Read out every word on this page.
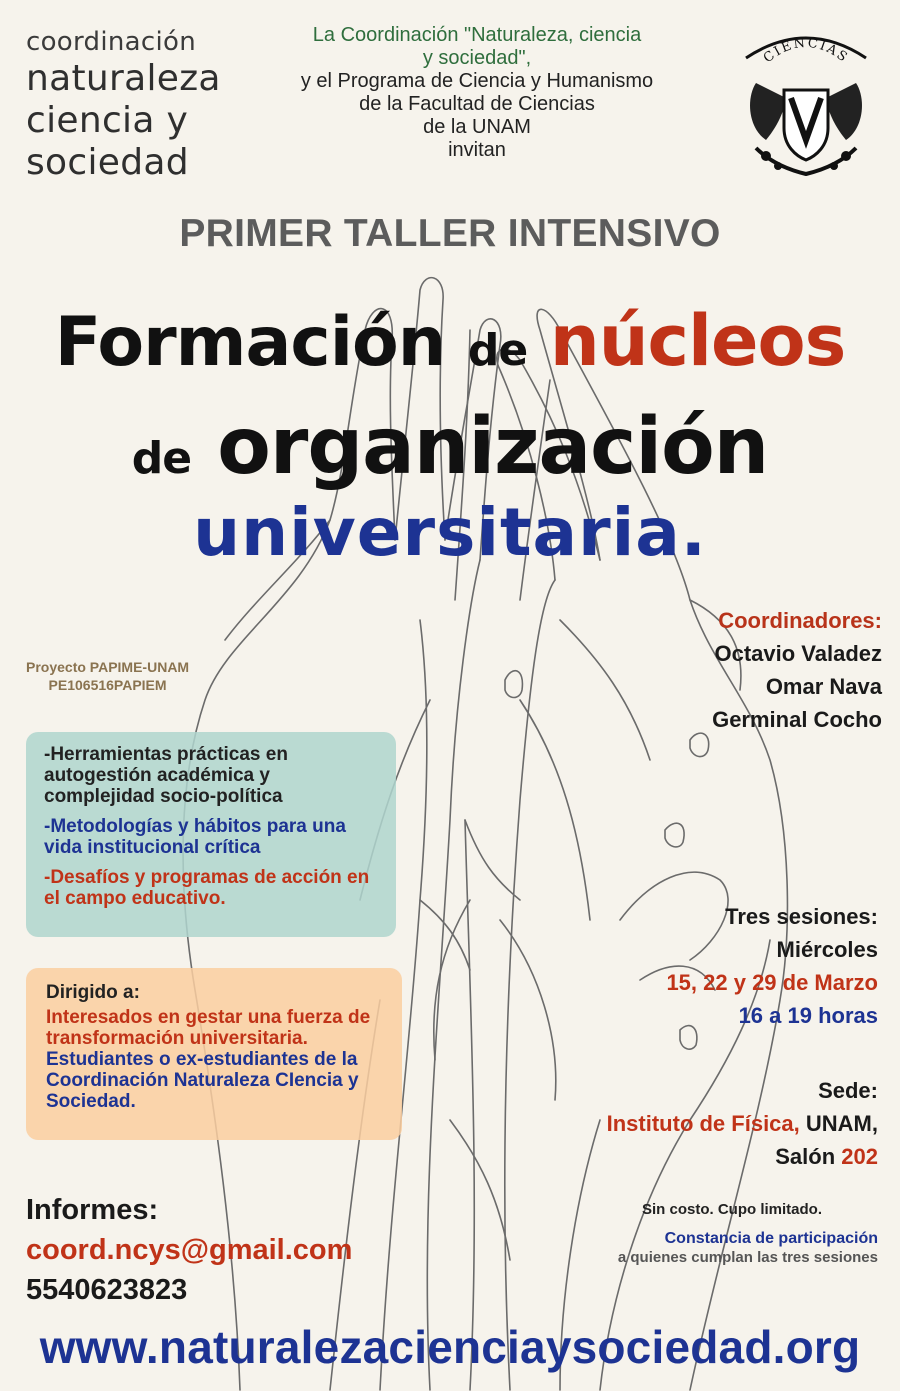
coordinación
naturaleza
ciencia y
sociedad
La Coordinación "Naturaleza, ciencia
y sociedad",
y el Programa de Ciencia y Humanismo
de la Facultad de Ciencias
de la UNAM
invitan
CIENCIAS
PRIMER TALLER INTENSIVO
Formación de núcleos
de organización
universitaria.
Coordinadores:
Octavio Valadez
Omar Nava
Germinal Cocho
Proyecto PAPIME-UNAM
PE106516PAPIEM

-Herramientas prácticas en autogestión académica y complejidad socio-política

-Metodologías y hábitos para una vida institucional crítica

-Desafíos y programas de acción en el campo educativo.

Dirigido a:
Interesados en gestar una fuerza de transformación universitaria.
Estudiantes o ex-estudiantes de la Coordinación Naturaleza CIencia y Sociedad.
Tres sesiones:
Miércoles
15, 22 y 29 de Marzo
16 a 19 horas
Sede:
Instituto de Física, UNAM,
Salón 202
Informes:
coord.ncys@gmail.com
5540623823
Sin costo. Cupo limitado.
Constancia de participación
a quienes cumplan las tres sesiones
www.naturalezacienciaysociedad.org
